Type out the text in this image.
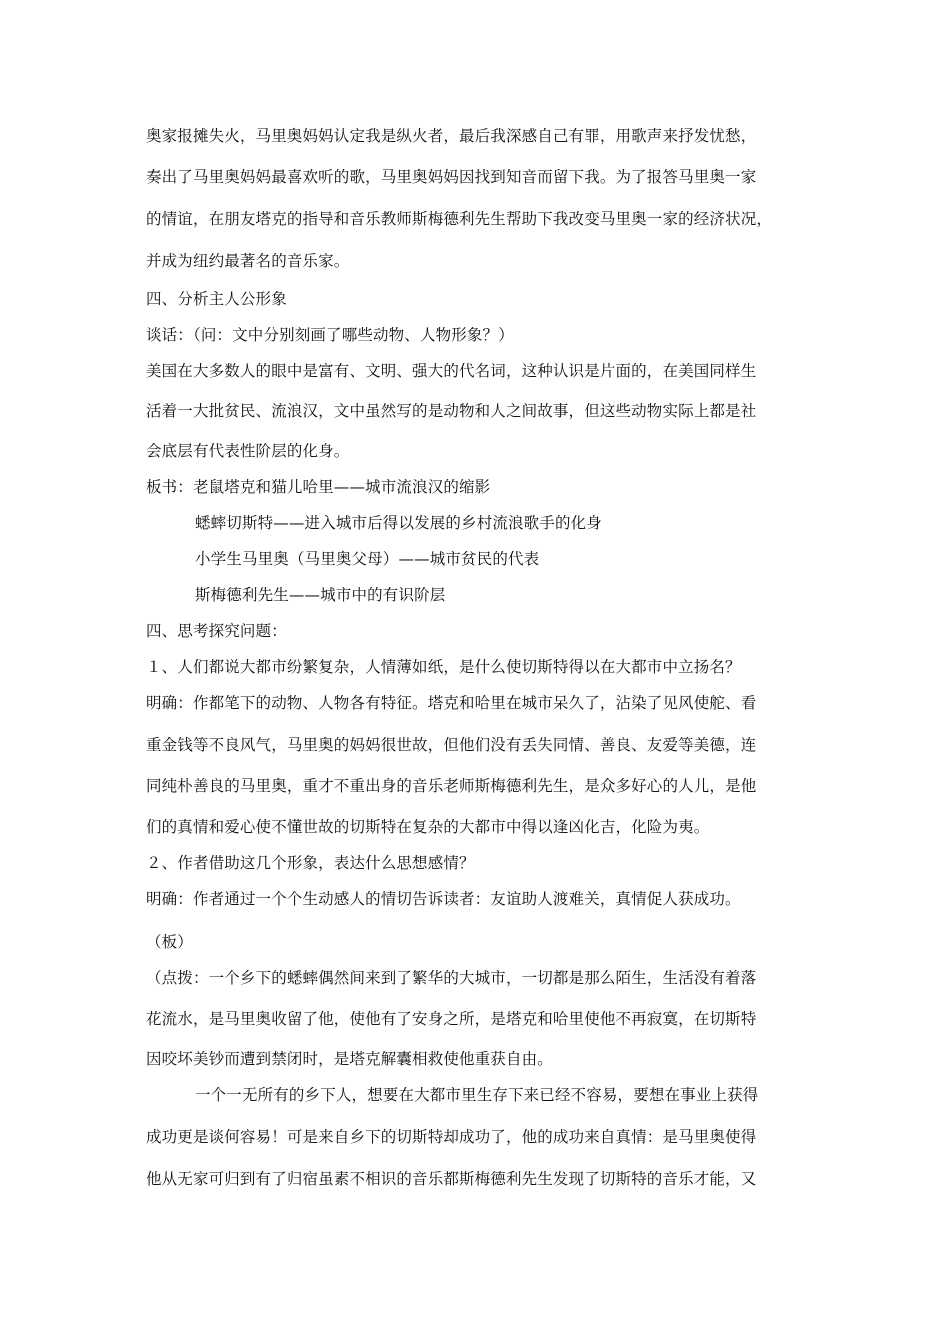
奥家报摊失火，马里奥妈妈认定我是纵火者，最后我深感自己有罪，用歌声来抒发忧愁，
奏出了马里奥妈妈最喜欢听的歌，马里奥妈妈因找到知音而留下我。为了报答马里奥一家
的情谊，在朋友塔克的指导和音乐教师斯梅德利先生帮助下我改变马里奥一家的经济状况，
并成为纽约最著名的音乐家。
四、分析主人公形象
谈话：（问：文中分别刻画了哪些动物、人物形象？）
美国在大多数人的眼中是富有、文明、强大的代名词，这种认识是片面的，在美国同样生
活着一大批贫民、流浪汉，文中虽然写的是动物和人之间故事，但这些动物实际上都是社
会底层有代表性阶层的化身。
板书：老鼠塔克和猫儿哈里——城市流浪汉的缩影
蟋蟀切斯特——进入城市后得以发展的乡村流浪歌手的化身
小学生马里奥（马里奥父母）——城市贫民的代表
斯梅德利先生——城市中的有识阶层
四、思考探究问题：
１、人们都说大都市纷繁复杂，人情薄如纸，是什么使切斯特得以在大都市中立扬名？
明确：作都笔下的动物、人物各有特征。塔克和哈里在城市呆久了，沾染了见风使舵、看
重金钱等不良风气，马里奥的妈妈很世故，但他们没有丢失同情、善良、友爱等美德，连
同纯朴善良的马里奥，重才不重出身的音乐老师斯梅德利先生，是众多好心的人儿，是他
们的真情和爱心使不懂世故的切斯特在复杂的大都市中得以逢凶化吉，化险为夷。
２、作者借助这几个形象，表达什么思想感情？
明确：作者通过一个个生动感人的情切告诉读者：友谊助人渡难关，真情促人获成功。
（板）
（点拨：一个乡下的蟋蟀偶然间来到了繁华的大城市，一切都是那么陌生，生活没有着落
花流水，是马里奥收留了他，使他有了安身之所，是塔克和哈里使他不再寂寞，在切斯特
因咬坏美钞而遭到禁闭时，是塔克解囊相救使他重获自由。
一个一无所有的乡下人，想要在大都市里生存下来已经不容易，要想在事业上获得
成功更是谈何容易！可是来自乡下的切斯特却成功了，他的成功来自真情：是马里奥使得
他从无家可归到有了归宿虽素不相识的音乐都斯梅德利先生发现了切斯特的音乐才能，又
